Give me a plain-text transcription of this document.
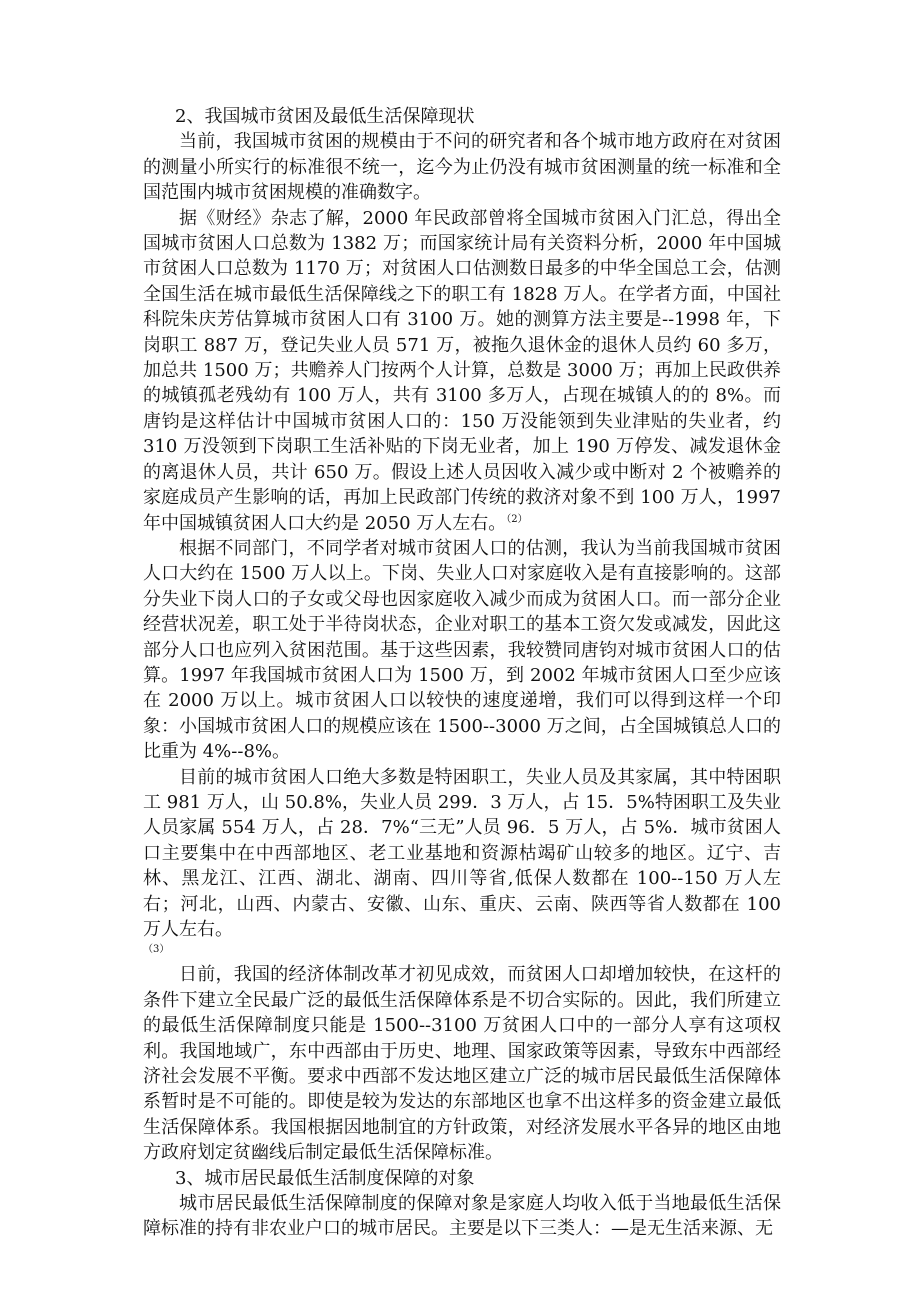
2、我国城市贫困及最低生活保障现状

当前，我国城市贫困的规模由于不问的研究者和各个城市地方政府在对贫困的测量小所实行的标准很不统一，迄今为止仍没有城市贫困测量的统一标准和全国范围内城市贫困规模的准确数字。

据《财经》杂志了解，2000 年民政部曾将全国城市贫困入门汇总，得出全国城市贫困人口总数为 1382 万；而国家统计局有关资料分析，2000 年中国城市贫困人口总数为 1170 万；对贫困人口估测数日最多的中华全国总工会，估测全国生活在城市最低生活保障线之下的职工有 1828 万人。在学者方面，中国社科院朱庆芳估算城市贫困人口有 3100 万。她的测算方法主要是--1998 年，下岗职工 887 万，登记失业人员 571 万，被拖久退休金的退休人员约 60 多万，加总共 1500 万；共赡养人门按两个人计算，总数是 3000 万；再加上民政供养的城镇孤老残幼有 100 万人，共有 3100 多万人，占现在城镇人的的 8%。而唐钧是这样估计中国城市贫困人口的：150 万没能领到失业津贴的失业者，约 310 万没领到下岗职工生活补贴的下岗无业者，加上 190 万停发、减发退休金的离退休人员，共计 650 万。假设上述人员因收入减少或中断对 2 个被赡养的家庭成员产生影响的话，再加上民政部门传统的救济对象不到 100 万人，1997 年中国城镇贫困人口大约是 2050 万人左右。$^{(2)}$

根据不同部门，不同学者对城市贫困人口的估测，我认为当前我国城市贫困人口大约在 1500 万人以上。下岗、失业人口对家庭收入是有直接影响的。这部分失业下岗人口的子女或父母也因家庭收入减少而成为贫困人口。而一部分企业经营状况差，职工处于半待岗状态，企业对职工的基本工资欠发或减发，因此这部分人口也应列入贫困范围。基于这些因素，我较赞同唐钧对城市贫困人口的估算。1997 年我国城市贫困人口为 1500 万，到 2002 年城市贫困人口至少应该在 2000 万以上。城市贫困人口以较快的速度递增，我们可以得到这样一个印象：小国城市贫困人口的规模应该在 1500--3000 万之间，占全国城镇总人口的比重为 4%--8%。

目前的城市贫困人口绝大多数是特困职工，失业人员及其家属，其中特困职工 981 万人，山 50.8%，失业人员 299．3 万人，占 15．5%特困职工及失业人员家属 554 万人，占 28．7%“三无”人员 96．5 万人，占 5%．城市贫困人口主要集中在中西部地区、老工业基地和资源枯竭矿山较多的地区。辽宁、吉林、黑龙江、江西、湖北、湖南、四川等省,低保人数都在 100--150 万人左右；河北，山西、内蒙古、安徽、山东、重庆、云南、陕西等省人数都在 100 万人左右。

（3）

日前，我国的经济体制改革才初见成效，而贫困人口却增加较快，在这杆的条件下建立全民最广泛的最低生活保障体系是不切合实际的。因此，我们所建立的最低生活保障制度只能是 1500--3100 万贫困人口中的一部分人享有这项权利。我国地域广，东中西部由于历史、地理、国家政策等因素，导致东中西部经济社会发展不平衡。要求中西部不发达地区建立广泛的城市居民最低生活保障体系暂时是不可能的。即使是较为发达的东部地区也拿不出这样多的资金建立最低生活保障体系。我国根据因地制宜的方针政策，对经济发展水平各异的地区由地方政府划定贫幽线后制定最低生活保障标准。

3、城市居民最低生活制度保障的对象

城市居民最低生活保障制度的保障对象是家庭人均收入低于当地最低生活保障标准的持有非农业户口的城市居民。主要是以下三类人：—是无生活来源、无
